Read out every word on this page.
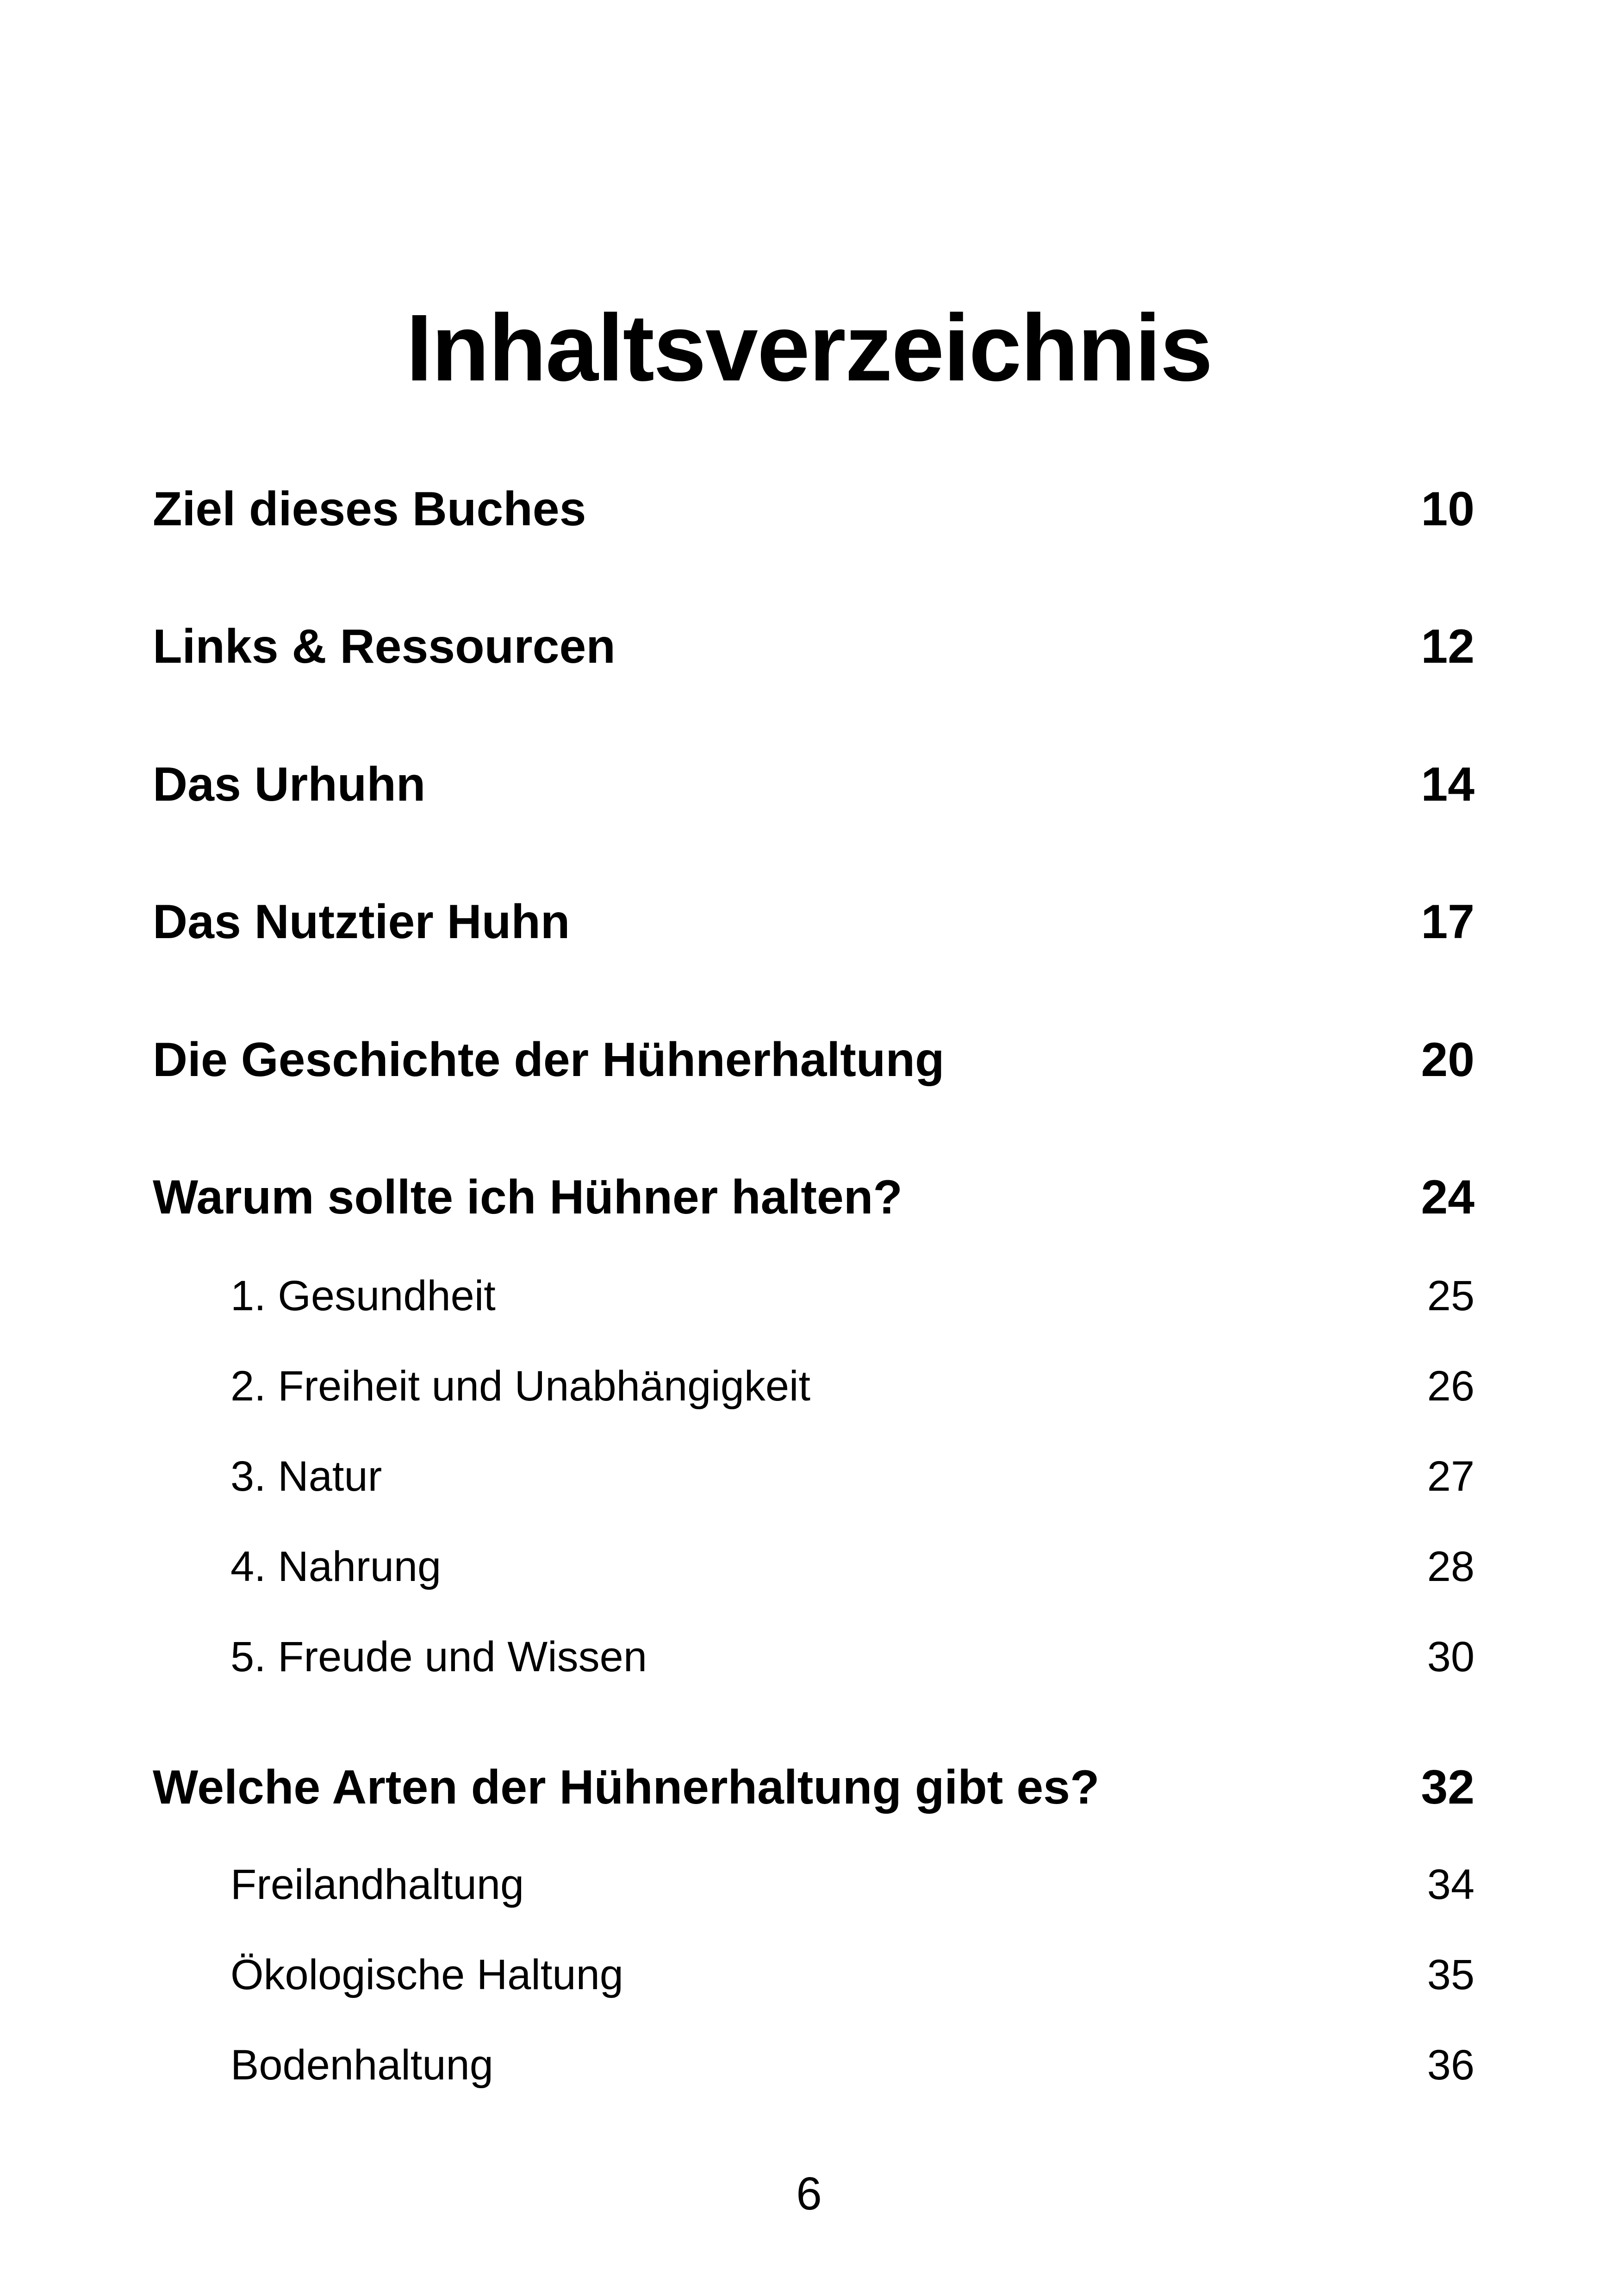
Inhaltsverzeichnis
Ziel dieses Buches	10
Links & Ressourcen	12
Das Urhuhn	14
Das Nutztier Huhn	17
Die Geschichte der Hühnerhaltung	20
Warum sollte ich Hühner halten?	24
1. Gesundheit	25
2. Freiheit und Unabhängigkeit	26
3. Natur	27
4. Nahrung	28
5. Freude und Wissen	30
Welche Arten der Hühnerhaltung gibt es?	32
Freilandhaltung	34
Ökologische Haltung	35
Bodenhaltung	36
6
